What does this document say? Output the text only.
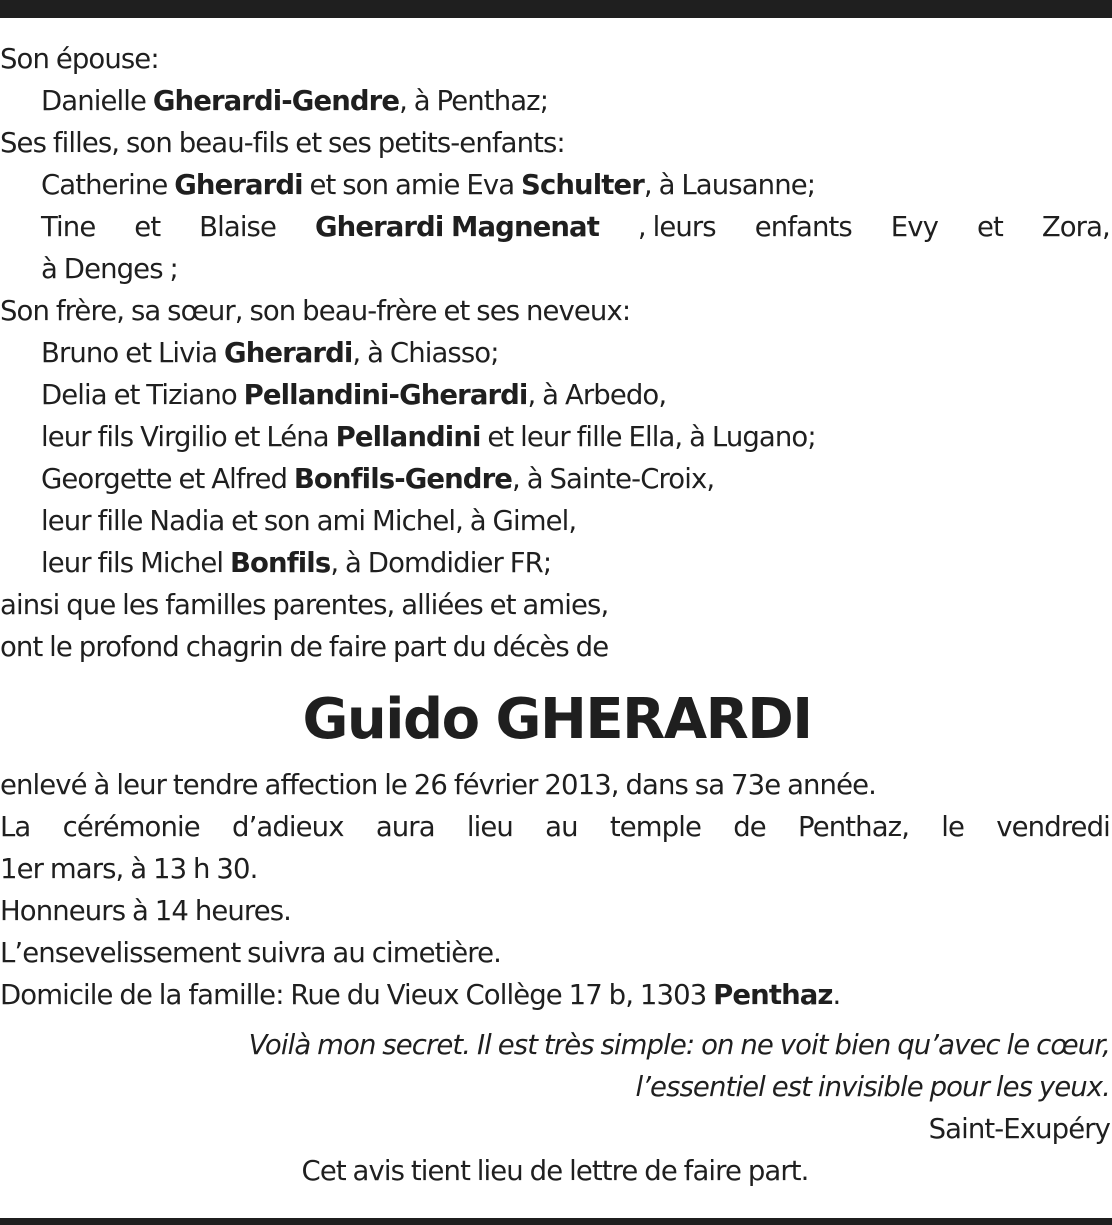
Son épouse:
Danielle Gherardi-Gendre, à Penthaz;
Ses filles, son beau-fils et ses petits-enfants:
Catherine Gherardi et son amie Eva Schulter, à Lausanne;
Tine et Blaise Gherardi Magnenat , leurs enfants Evy et Zora,
à Denges ;
Son frère, sa sœur, son beau-frère et ses neveux:
Bruno et Livia Gherardi, à Chiasso;
Delia et Tiziano Pellandini-Gherardi, à Arbedo,
leur fils Virgilio et Léna Pellandini et leur fille Ella, à Lugano;
Georgette et Alfred Bonfils-Gendre, à Sainte-Croix,
leur fille Nadia et son ami Michel, à Gimel,
leur fils Michel Bonfils, à Domdidier FR;
ainsi que les familles parentes, alliées et amies,
ont le profond chagrin de faire part du décès de
Guido GHERARDI
enlevé à leur tendre affection le 26 février 2013, dans sa 73e année.
La cérémonie d’adieux aura lieu au temple de Penthaz, le vendredi
1er mars, à 13 h 30.
Honneurs à 14 heures.
L’ensevelissement suivra au cimetière.
Domicile de la famille: Rue du Vieux Collège 17 b, 1303 Penthaz.
Voilà mon secret. Il est très simple: on ne voit bien qu’avec le cœur,
l’essentiel est invisible pour les yeux.
Saint-Exupéry
Cet avis tient lieu de lettre de faire part.
